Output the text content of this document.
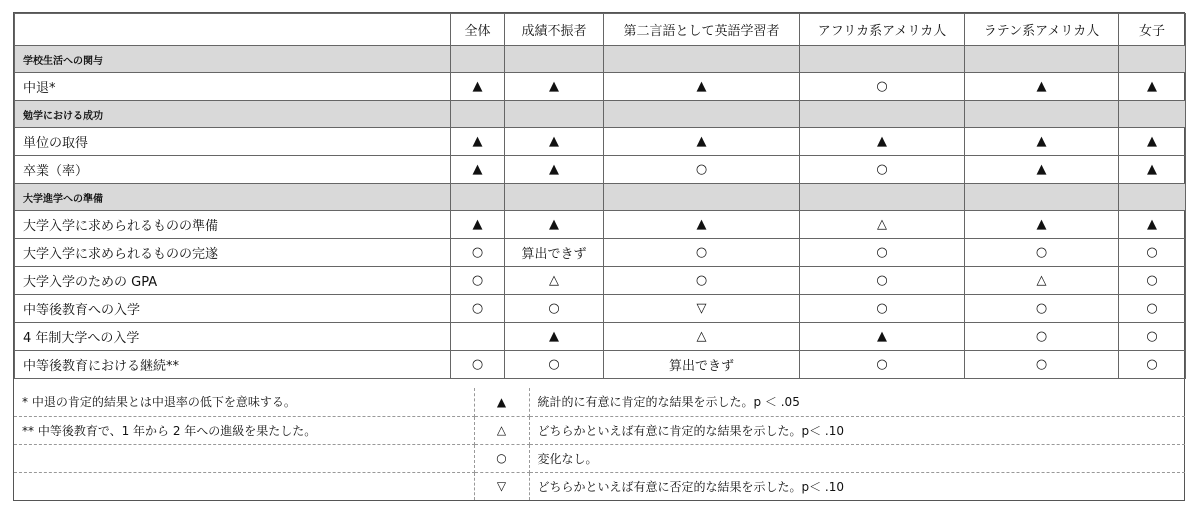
	全体	成績不振者	第二言語として英語学習者	アフリカ系アメリカ人	ラテン系アメリカ人	女子
学校生活への関与						
中退*	▲	▲	▲	○	▲	▲
勉学における成功						
単位の取得	▲	▲	▲	▲	▲	▲
卒業（率）	▲	▲	○	○	▲	▲
大学進学への準備						
大学入学に求められるものの準備	▲	▲	▲	△	▲	▲
大学入学に求められるものの完遂	○	算出できず	○	○	○	○
大学入学のための GPA	○	△	○	○	△	○
中等後教育への入学	○	○	▽	○	○	○
4 年制大学への入学		▲	△	▲	○	○
中等後教育における継続**	○	○	算出できず	○	○	○
* 中退の肯定的結果とは中退率の低下を意味する。	▲	統計的に有意に肯定的な結果を示した。p ＜ .05
** 中等後教育で、1 年から 2 年への進級を果たした。	△	どちらかといえば有意に肯定的な結果を示した。p＜ .10
	○	変化なし。
	▽	どちらかといえば有意に否定的な結果を示した。p＜ .10
